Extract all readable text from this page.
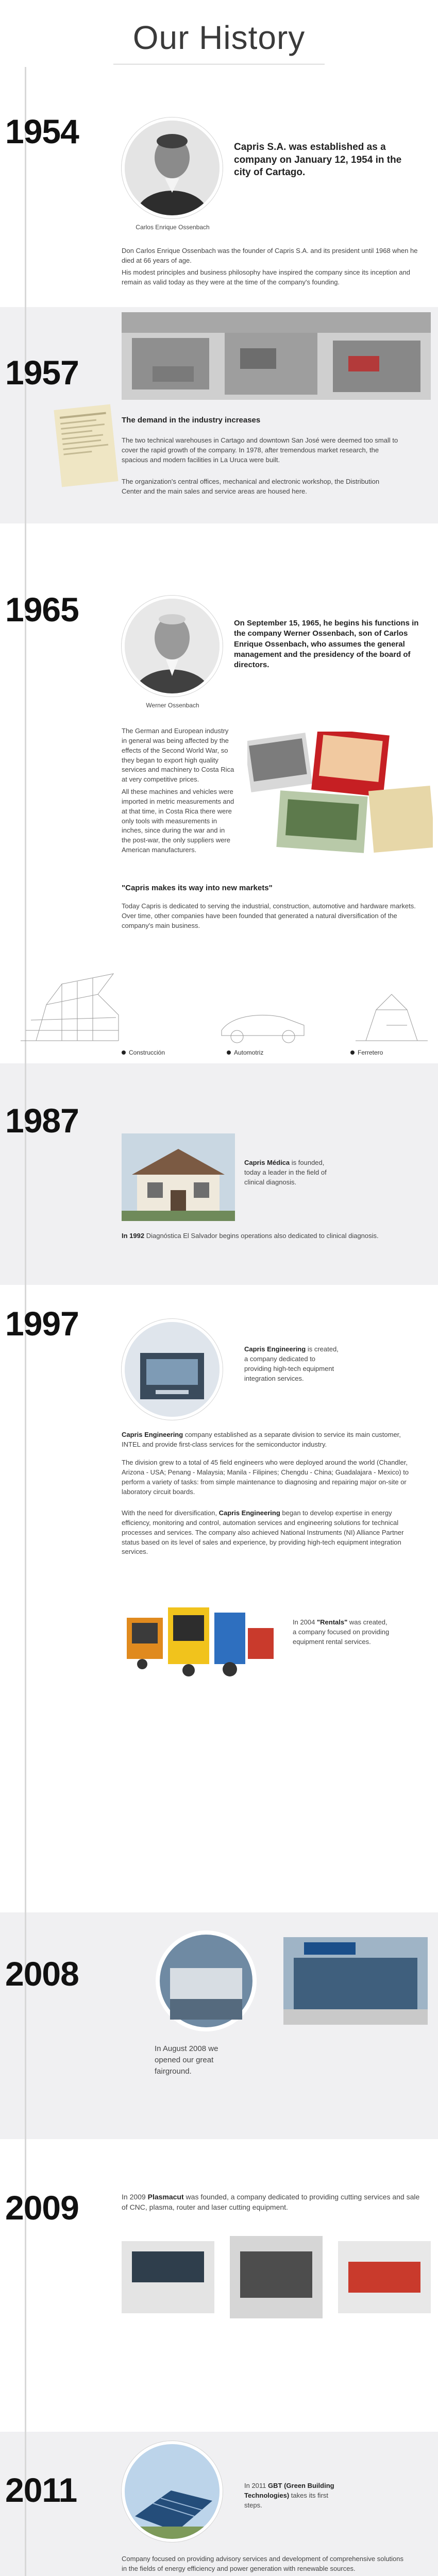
Our History
1954
Carlos Enrique Ossenbach
Capris S.A. was established as a company on January 12, 1954 in the city of Cartago.
Don Carlos Enrique Ossenbach was the founder of Capris S.A. and its president until 1968 when he died at 66 years of age.
His modest principles and business philosophy have inspired the company since its inception and remain as valid today as they were at the time of the company's founding.
1957
The demand in the industry increases
The two technical warehouses in Cartago and downtown San José were deemed too small to cover the rapid growth of the company. In 1978, after tremendous market research, the spacious and modern facilities in La Uruca were built.
The organization's central offices, mechanical and electronic workshop, the Distribution Center and the main sales and service areas are housed here.
1965
Werner Ossenbach
On September 15, 1965, he begins his functions in the company Werner Ossenbach, son of Carlos Enrique Ossenbach, who assumes the general management and the presidency of the board of directors.
The German and European industry in general was being affected by the effects of the Second World War, so they began to export high quality services and machinery to Costa Rica at very competitive prices.
All these machines and vehicles were imported in metric measurements and at that time, in Costa Rica there were only tools with measurements in inches, since during the war and in the post-war, the only suppliers were American manufacturers.
"Capris makes its way into new markets"
Today Capris is dedicated to serving the industrial, construction, automotive and hardware markets. Over time, other companies have been founded that generated a natural diversification of the company's main business.
Construcción	Automotriz	Ferretero
1987
Capris Médica is founded, today a leader in the field of clinical diagnosis.
In 1992 Diagnóstica El Salvador begins operations also dedicated to clinical diagnosis.
1997
Capris Engineering is created, a company dedicated to providing high-tech equipment integration services.
Capris Engineering company established as a separate division to service its main customer, INTEL and provide first-class services for the semiconductor industry.
The division grew to a total of 45 field engineers who were deployed around the world (Chandler, Arizona - USA; Penang - Malaysia; Manila - Filipines; Chengdu - China; Guadalajara - Mexico) to perform a variety of tasks: from simple maintenance to diagnosing and repairing major on-site or laboratory circuit boards.
With the need for diversification, Capris Engineering began to develop expertise in energy efficiency, monitoring and control, automation services and engineering solutions for technical processes and services. The company also achieved National Instruments (NI) Alliance Partner status based on its level of sales and experience, by providing high-tech equipment integration services.
In 2004 "Rentals" was created, a company focused on providing equipment rental services.
2008
In August 2008 we opened our great fairground.
2009	In 2009 Plasmacut was founded, a company dedicated to providing cutting services and sale of CNC, plasma, router and laser cutting equipment.
2011	In 2011 GBT (Green Building Technologies) takes its first steps.
Company focused on providing advisory services and development of comprehensive solutions in the fields of energy efficiency and power generation with renewable sources.
